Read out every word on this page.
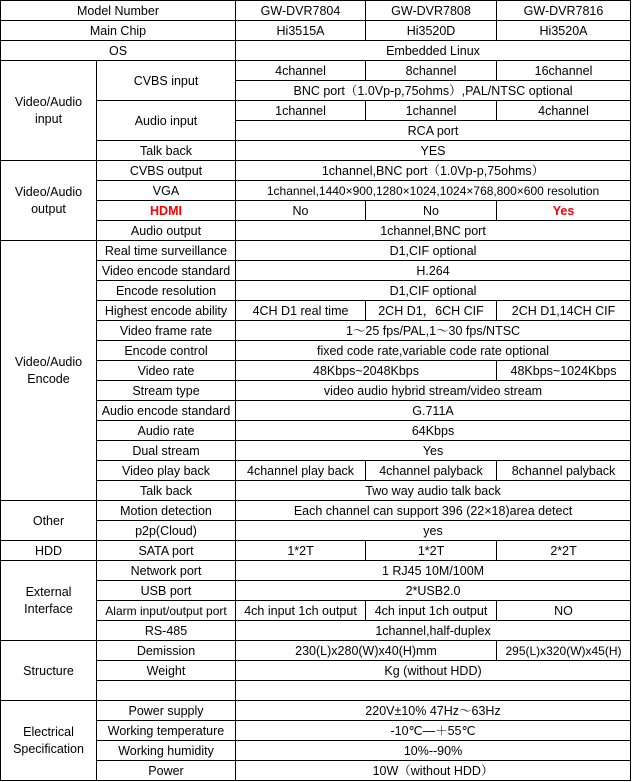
Model Number		GW-DVR7804	GW-DVR7808	GW-DVR7816
Main Chip		Hi3515A	Hi3520D	Hi3520A
OS		Embedded Linux		
Video/Audio input	CVBS input	4channel	8channel	16channel
		BNC port（1.0Vp-p,75ohms）,PAL/NTSC optional		
	Audio input	1channel	1channel	4channel
		RCA port		
	Talk back	YES		
Video/Audio output	CVBS output	1channel,BNC port（1.0Vp-p,75ohms）		
	VGA	1channel,1440×900,1280×1024,1024×768,800×600 resolution		
	HDMI	No	No	Yes
	Audio output	1channel,BNC port		
Video/Audio Encode	Real time surveillance	D1,CIF optional		
	Video encode standard	H.264		
	Encode resolution	D1,CIF optional		
	Highest encode ability	4CH D1 real time	2CH D1，6CH CIF	2CH D1,14CH CIF
	Video frame rate	1～25 fps/PAL,1～30 fps/NTSC		
	Encode control	fixed code rate,variable code rate optional		
	Video rate	48Kbps~2048Kbps		48Kbps~1024Kbps
	Stream type	video audio hybrid stream/video stream		
	Audio encode standard	G.711A		
	Audio rate	64Kbps		
	Dual stream	Yes		
	Video play back	4channel play back	4channel palyback	8channel palyback
	Talk back	Two way audio talk back		
Other	Motion detection	Each channel can support 396 (22×18)area detect		
	p2p(Cloud)	yes		
HDD	SATA port	1*2T	1*2T	2*2T
External Interface	Network port	1 RJ45 10M/100M		
	USB port	2*USB2.0		
	Alarm input/output port	4ch input 1ch output	4ch input 1ch output	NO
	RS-485	1channel,half-duplex		
Structure	Demission	230(L)x280(W)x40(H)mm		295(L)x320(W)x45(H)
	Weight	Kg (without HDD)		

Electrical Specification	Power supply	220V±10% 47Hz～63Hz		
	Working temperature	-10℃—＋55℃		
	Working humidity	10%--90%		
	Power	10W（without HDD）		
